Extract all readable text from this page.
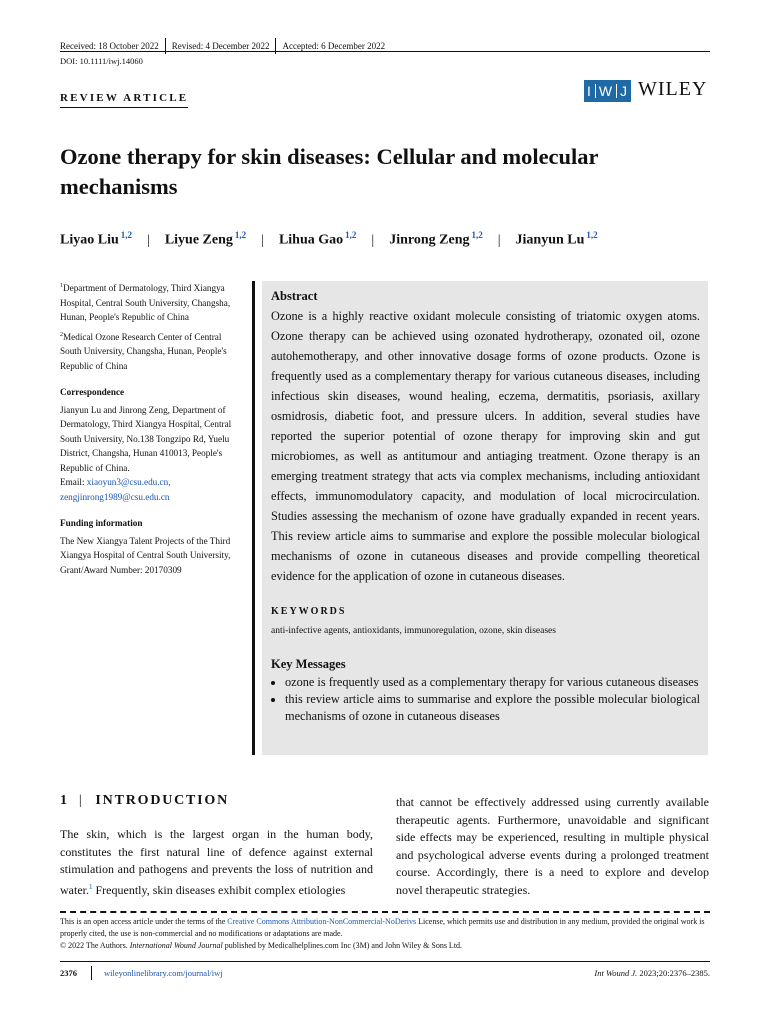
Received: 18 October 2022 Revised: 4 December 2022 Accepted: 6 December 2022
DOI: 10.1111/iwj.14060
REVIEW ARTICLE	I W J WILEY
Ozone therapy for skin diseases: Cellular and molecular mechanisms
Liyao Liu $^{1,2}$ | Liyue Zeng $^{1,2}$ | Lihua Gao $^{1,2}$ | Jinrong Zeng $^{1,2}$ | Jianyun Lu $^{1,2}$

$^1$Department of Dermatology, Third Xiangya Hospital, Central South University, Changsha, Hunan, People's Republic of China

$^2$Medical Ozone Research Center of Central South University, Changsha, Hunan, People's Republic of China

Correspondence

Jianyun Lu and Jinrong Zeng, Department of Dermatology, Third Xiangya Hospital, Central South University, No.138 Tongzipo Rd, Yuelu District, Changsha, Hunan 410013, People's Republic of China.
Email: xiaoyun3@csu.edu.cn,
zengjinrong1989@csu.edu.cn

Funding information

The New Xiangya Talent Projects of the Third Xiangya Hospital of Central South University, Grant/Award Number: 20170309

Abstract
Ozone is a highly reactive oxidant molecule consisting of triatomic oxygen atoms. Ozone therapy can be achieved using ozonated hydrotherapy, ozonated oil, ozone autohemotherapy, and other innovative dosage forms of ozone products. Ozone is frequently used as a complementary therapy for various cutaneous diseases, including infectious skin diseases, wound healing, eczema, dermatitis, psoriasis, axillary osmidrosis, diabetic foot, and pressure ulcers. In addition, several studies have reported the superior potential of ozone therapy for improving skin and gut microbiomes, as well as antitumour and antiaging treatment. Ozone therapy is an emerging treatment strategy that acts via complex mechanisms, including antioxidant effects, immunomodulatory capacity, and modulation of local microcirculation. Studies assessing the mechanism of ozone have gradually expanded in recent years. This review article aims to summarise and explore the possible molecular biological mechanisms of ozone in cutaneous diseases and provide compelling theoretical evidence for the application of ozone in cutaneous diseases.
KEYWORDS
anti-infective agents, antioxidants, immunoregulation, ozone, skin diseases
Key Messages
• ozone is frequently used as a complementary therapy for various cutaneous diseases
• this review article aims to summarise and explore the possible molecular biological mechanisms of ozone in cutaneous diseases
1 | INTRODUCTION
The skin, which is the largest organ in the human body, constitutes the first natural line of defence against external stimulation and pathogens and prevents the loss of nutrition and water.$^1$ Frequently, skin diseases exhibit complex etiologies
that cannot be effectively addressed using currently available therapeutic agents. Furthermore, unavoidable and significant side effects may be experienced, resulting in multiple physical and psychological adverse events during a prolonged treatment course. Accordingly, there is a need to explore and develop novel therapeutic strategies.

This is an open access article under the terms of the Creative Commons Attribution-NonCommercial-NoDerivs License, which permits use and distribution in any medium, provided the original work is properly cited, the use is non-commercial and no modifications or adaptations are made.

© 2022 The Authors. International Wound Journal published by Medicalhelplines.com Inc (3M) and John Wiley & Sons Ltd.

2376	wileyonlinelibrary.com/journal/iwj	Int Wound J. 2023;20:2376–2385.
